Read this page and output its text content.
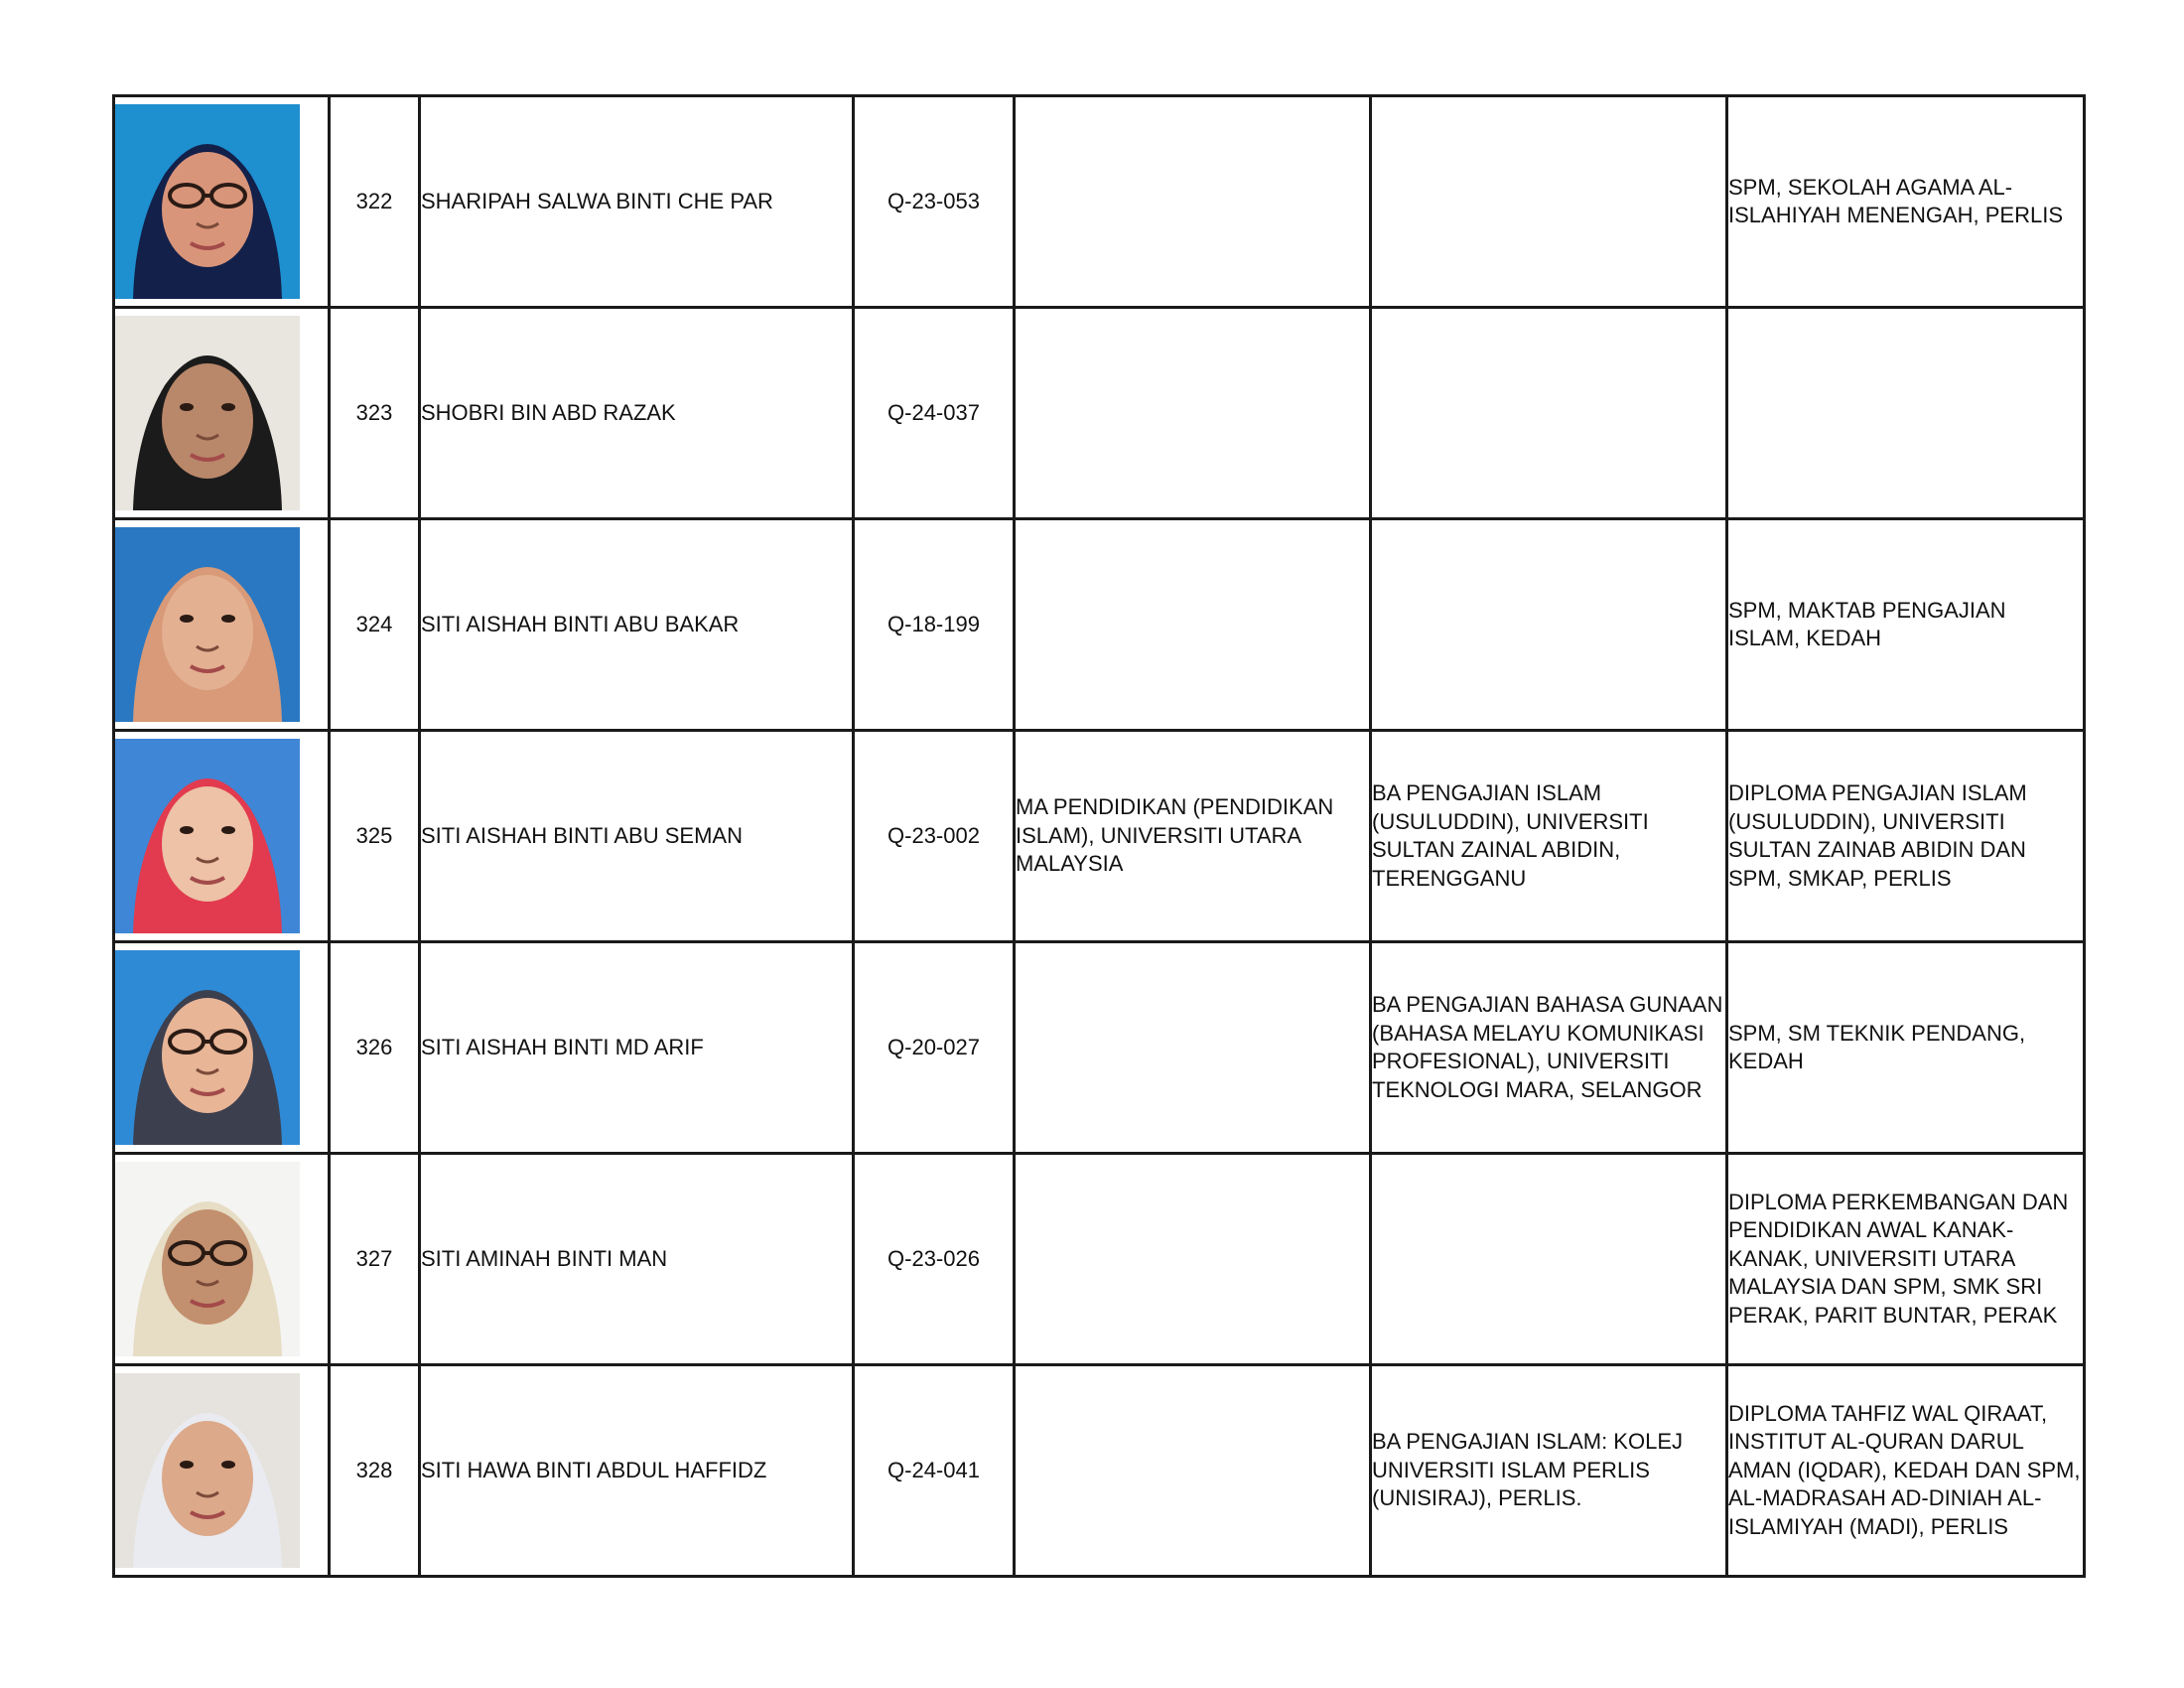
	322	SHARIPAH SALWA BINTI CHE PAR	Q-23-053			SPM, SEKOLAH AGAMA AL-ISLAHIYAH MENENGAH, PERLIS

	323	SHOBRI BIN ABD RAZAK	Q-24-037			

	324	SITI AISHAH BINTI ABU BAKAR	Q-18-199			SPM, MAKTAB PENGAJIAN ISLAM, KEDAH

	325	SITI AISHAH BINTI ABU SEMAN	Q-23-002	MA PENDIDIKAN (PENDIDIKAN ISLAM), UNIVERSITI UTARA MALAYSIA	BA PENGAJIAN ISLAM (USULUDDIN), UNIVERSITI SULTAN ZAINAL ABIDIN, TERENGGANU	DIPLOMA PENGAJIAN ISLAM (USULUDDIN), UNIVERSITI SULTAN ZAINAB ABIDIN DAN SPM, SMKAP, PERLIS

	326	SITI AISHAH BINTI MD ARIF	Q-20-027		BA PENGAJIAN BAHASA GUNAAN (BAHASA MELAYU KOMUNIKASI PROFESIONAL), UNIVERSITI TEKNOLOGI MARA, SELANGOR	SPM, SM TEKNIK PENDANG, KEDAH

	327	SITI AMINAH BINTI MAN	Q-23-026			DIPLOMA PERKEMBANGAN DAN PENDIDIKAN AWAL KANAK-KANAK, UNIVERSITI UTARA MALAYSIA DAN SPM, SMK SRI PERAK, PARIT BUNTAR, PERAK

	328	SITI HAWA BINTI ABDUL HAFFIDZ	Q-24-041		BA PENGAJIAN ISLAM: KOLEJ UNIVERSITI ISLAM PERLIS (UNISIRAJ), PERLIS.	DIPLOMA TAHFIZ WAL QIRAAT, INSTITUT AL-QURAN DARUL AMAN (IQDAR), KEDAH DAN SPM, AL-MADRASAH AD-DINIAH AL-ISLAMIYAH (MADI), PERLIS
